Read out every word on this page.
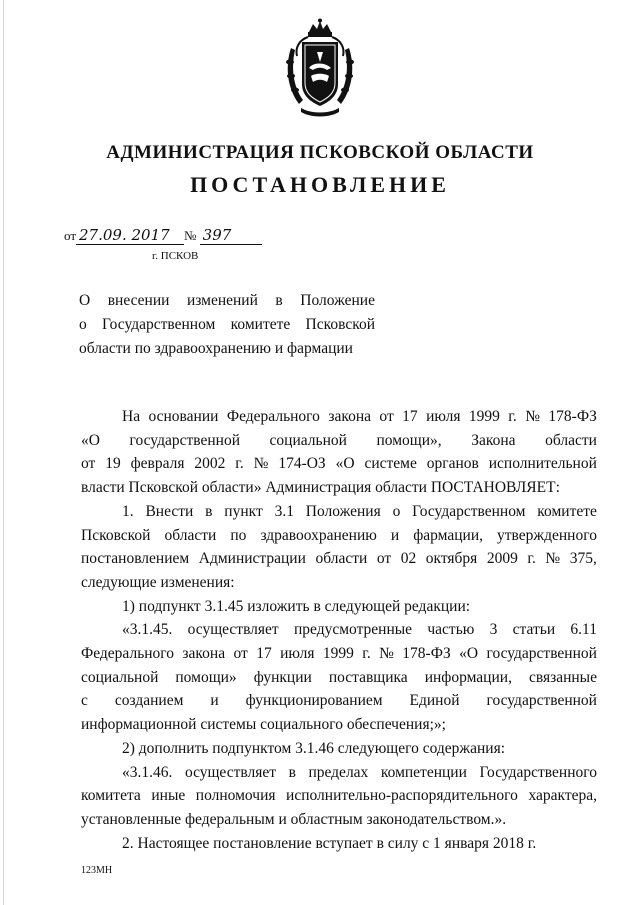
АДМИНИСТРАЦИЯ ПСКОВСКОЙ ОБЛАСТИ
ПОСТАНОВЛЕНИЕ
от 27.09. 2017 № 397
г. ПСКОВ
О внесении изменений в Положение
о Государственном комитете Псковской
области по здравоохранению и фармации
На основании Федерального закона от 17 июля 1999 г. № 178-ФЗ
«О государственной социальной помощи», Закона области
от 19 февраля 2002 г. № 174-ОЗ «О системе органов исполнительной
власти Псковской области» Администрация области ПОСТАНОВЛЯЕТ:
1. Внести в пункт 3.1 Положения о Государственном комитете
Псковской области по здравоохранению и фармации, утвержденного
постановлением Администрации области от 02 октября 2009 г. № 375,
следующие изменения:
1) подпункт 3.1.45 изложить в следующей редакции:
«3.1.45. осуществляет предусмотренные частью 3 статьи 6.11
Федерального закона от 17 июля 1999 г. № 178-ФЗ «О государственной
социальной помощи» функции поставщика информации, связанные
с созданием и функционированием Единой государственной
информационной системы социального обеспечения;»;
2) дополнить подпунктом 3.1.46 следующего содержания:
«3.1.46. осуществляет в пределах компетенции Государственного
комитета иные полномочия исполнительно-распорядительного характера,
установленные федеральным и областным законодательством.».
2. Настоящее постановление вступает в силу с 1 января 2018 г.
123МН
